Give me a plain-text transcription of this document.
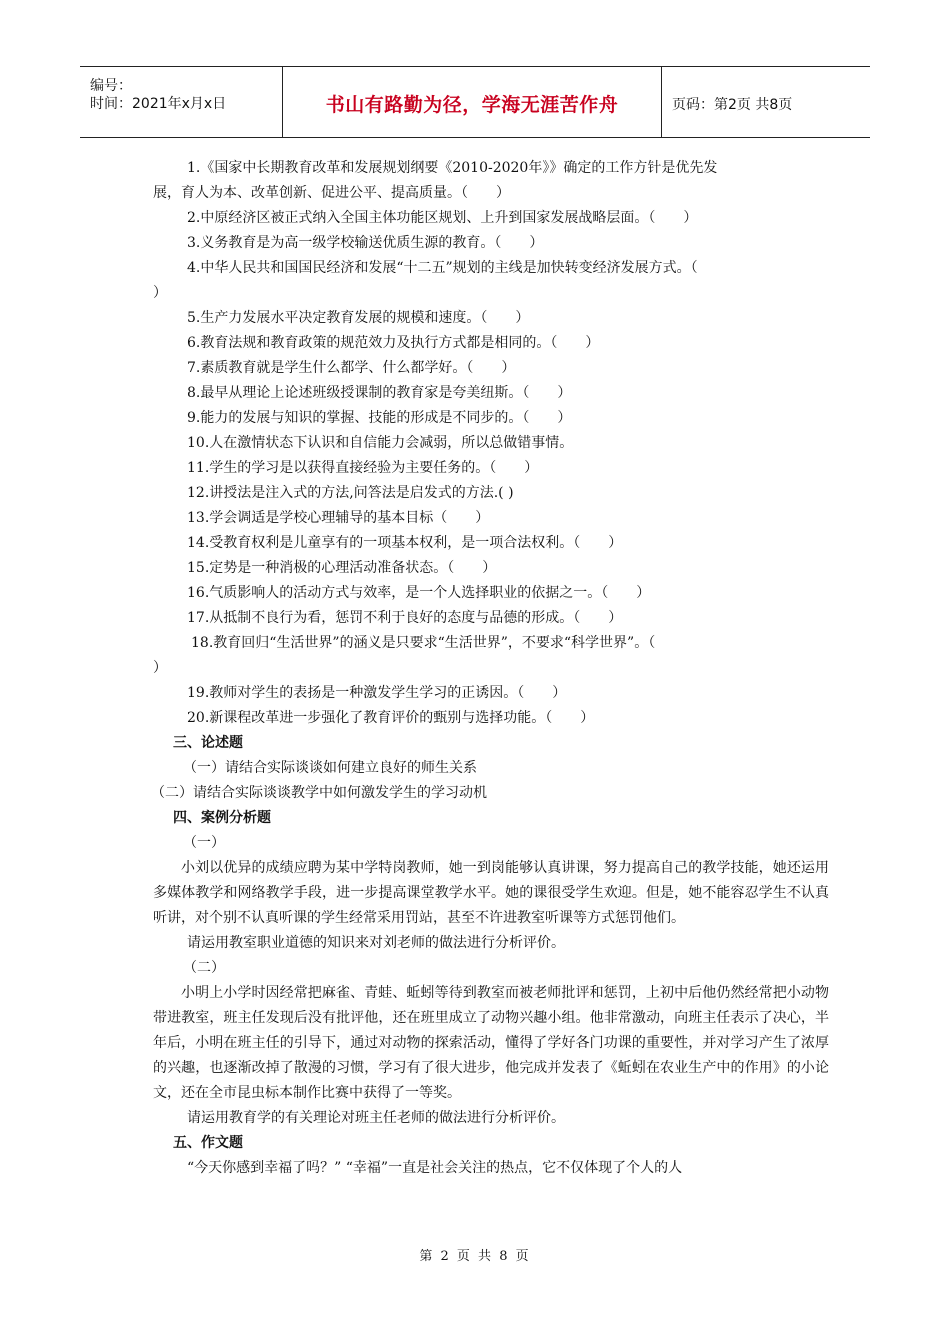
编号：
时间：2021年x月x日	书山有路勤为径，学海无涯苦作舟	页码：第2页 共8页
1.《国家中长期教育改革和发展规划纲要《2010-2020年》》确定的工作方针是优先发
展，育人为本、改革创新、促进公平、提高质量。（　　）
2.中原经济区被正式纳入全国主体功能区规划、上升到国家发展战略层面。（　　）
3.义务教育是为高一级学校输送优质生源的教育。（　　）
4.中华人民共和国国民经济和发展“十二五”规划的主线是加快转变经济发展方式。（
）
5.生产力发展水平决定教育发展的规模和速度。（　　）
6.教育法规和教育政策的规范效力及执行方式都是相同的。（　　）
7.素质教育就是学生什么都学、什么都学好。（　　）
8.最早从理论上论述班级授课制的教育家是夸美纽斯。（　　）
9.能力的发展与知识的掌握、技能的形成是不同步的。（　　）
10.人在激情状态下认识和自信能力会减弱，所以总做错事情。
11.学生的学习是以获得直接经验为主要任务的。（　　）
12.讲授法是注入式的方法,问答法是启发式的方法.( )
13.学会调适是学校心理辅导的基本目标（　　）
14.受教育权利是儿童享有的一项基本权利，是一项合法权利。（　　）
15.定势是一种消极的心理活动准备状态。（　　）
16.气质影响人的活动方式与效率，是一个人选择职业的依据之一。（　　）
17.从抵制不良行为看，惩罚不利于良好的态度与品德的形成。（　　）
18.教育回归“生活世界”的涵义是只要求“生活世界”，不要求“科学世界”。（
）
19.教师对学生的表扬是一种激发学生学习的正诱因。（　　）
20.新课程改革进一步强化了教育评价的甄别与选择功能。（　　）
三、论述题
（一）请结合实际谈谈如何建立良好的师生关系
（二）请结合实际谈谈教学中如何激发学生的学习动机
四、案例分析题
（一）
小刘以优异的成绩应聘为某中学特岗教师，她一到岗能够认真讲课，努力提高自己的教学技能，她还运用多媒体教学和网络教学手段，进一步提高课堂教学水平。她的课很受学生欢迎。但是，她不能容忍学生不认真听讲，对个别不认真听课的学生经常采用罚站，甚至不许进教室听课等方式惩罚他们。
请运用教室职业道德的知识来对刘老师的做法进行分析评价。
（二）
小明上小学时因经常把麻雀、青蛙、蚯蚓等待到教室而被老师批评和惩罚，上初中后他仍然经常把小动物带进教室，班主任发现后没有批评他，还在班里成立了动物兴趣小组。他非常激动，向班主任表示了决心，半年后，小明在班主任的引导下，通过对动物的探索活动，懂得了学好各门功课的重要性，并对学习产生了浓厚的兴趣，也逐渐改掉了散漫的习惯，学习有了很大进步，他完成并发表了《蚯蚓在农业生产中的作用》的小论文，还在全市昆虫标本制作比赛中获得了一等奖。
请运用教育学的有关理论对班主任老师的做法进行分析评价。
五、作文题
“今天你感到幸福了吗？” “幸福”一直是社会关注的热点，它不仅体现了个人的人
第 2 页 共 8 页
